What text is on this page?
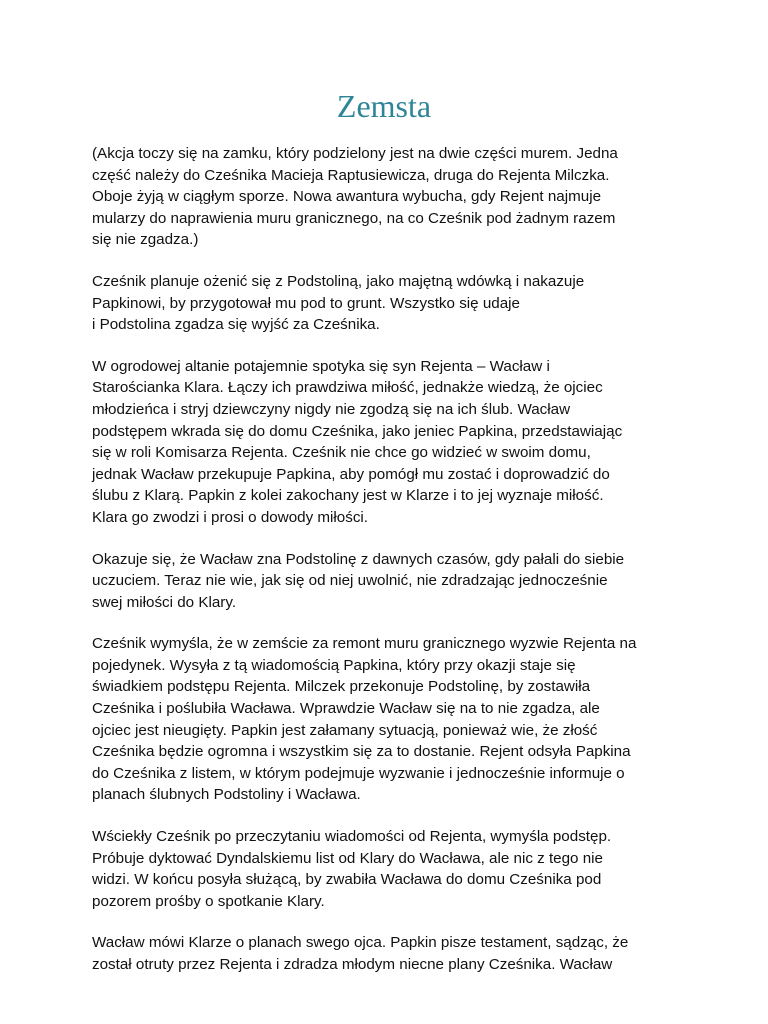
Zemsta

(Akcja toczy się na zamku, który podzielony jest na dwie części murem. Jedna
część należy do Cześnika Macieja Raptusiewicza, druga do Rejenta Milczka.
Oboje żyją w ciągłym sporze. Nowa awantura wybucha, gdy Rejent najmuje
mularzy do naprawienia muru granicznego, na co Cześnik pod żadnym razem
się nie zgadza.)

Cześnik planuje ożenić się z Podstoliną, jako majętną wdówką i nakazuje
Papkinowi, by przygotował mu pod to grunt. Wszystko się udaje
i Podstolina zgadza się wyjść za Cześnika.

W ogrodowej altanie potajemnie spotyka się syn Rejenta – Wacław i
Starościanka Klara. Łączy ich prawdziwa miłość, jednakże wiedzą, że ojciec
młodzieńca i stryj dziewczyny nigdy nie zgodzą się na ich ślub. Wacław
podstępem wkrada się do domu Cześnika, jako jeniec Papkina, przedstawiając
się w roli Komisarza Rejenta. Cześnik nie chce go widzieć w swoim domu,
jednak Wacław przekupuje Papkina, aby pomógł mu zostać i doprowadzić do
ślubu z Klarą. Papkin z kolei zakochany jest w Klarze i to jej wyznaje miłość.
Klara go zwodzi i prosi o dowody miłości.

Okazuje się, że Wacław zna Podstolinę z dawnych czasów, gdy pałali do siebie
uczuciem. Teraz nie wie, jak się od niej uwolnić, nie zdradzając jednocześnie
swej miłości do Klary.

Cześnik wymyśla, że w zemście za remont muru granicznego wyzwie Rejenta na
pojedynek. Wysyła z tą wiadomością Papkina, który przy okazji staje się
świadkiem podstępu Rejenta. Milczek przekonuje Podstolinę, by zostawiła
Cześnika i poślubiła Wacława. Wprawdzie Wacław się na to nie zgadza, ale
ojciec jest nieugięty. Papkin jest załamany sytuacją, ponieważ wie, że złość
Cześnika będzie ogromna i wszystkim się za to dostanie. Rejent odsyła Papkina
do Cześnika z listem, w którym podejmuje wyzwanie i jednocześnie informuje o
planach ślubnych Podstoliny i Wacława.

Wściekły Cześnik po przeczytaniu wiadomości od Rejenta, wymyśla podstęp.
Próbuje dyktować Dyndalskiemu list od Klary do Wacława, ale nic z tego nie
widzi. W końcu posyła służącą, by zwabiła Wacława do domu Cześnika pod
pozorem prośby o spotkanie Klary.

Wacław mówi Klarze o planach swego ojca. Papkin pisze testament, sądząc, że
został otruty przez Rejenta i zdradza młodym niecne plany Cześnika. Wacław
